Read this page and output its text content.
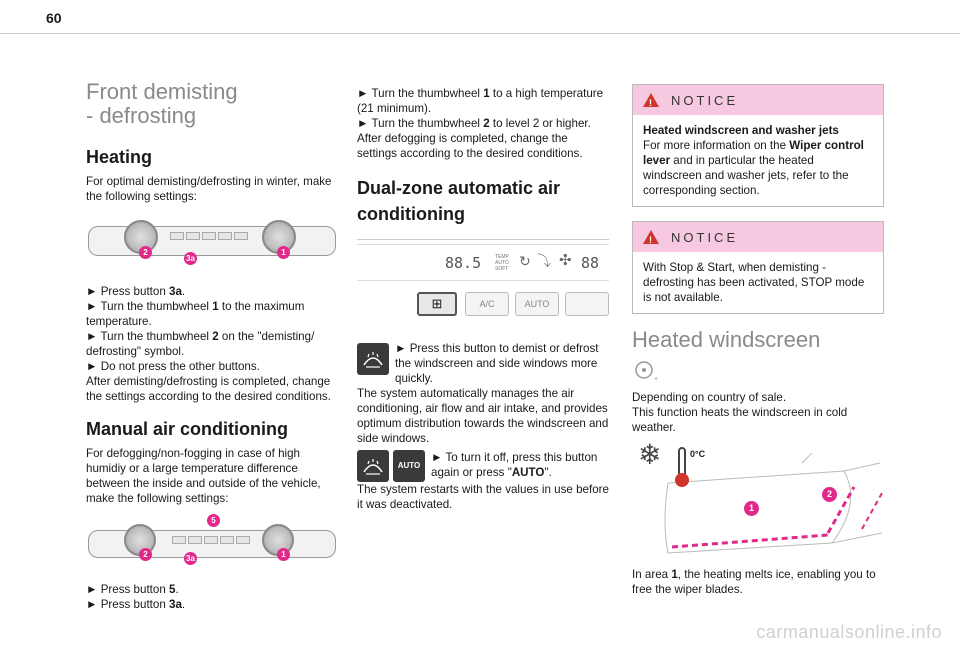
60
Front demisting
- defrosting
Heating

For optimal demisting/defrosting in winter, make the following settings:

2
3a
1

► Press button 3a.

► Turn the thumbwheel 1 to the maximum temperature.

► Turn the thumbwheel 2 on the "demisting/ defrosting" symbol.

► Do not press the other buttons.

After demisting/defrosting is completed, change the settings according to the desired conditions.

Manual air conditioning

For defogging/non-fogging in case of high humidiy or a large temperature difference between the inside and outside of the vehicle, make the following settings:

5
2	3a	1

► Press button 5.

► Press button 3a.

► Turn the thumbwheel 1 to a high temperature (21 minimum).

► Turn the thumbwheel 2 to level 2 or higher.

After defogging is completed, change the settings according to the desired conditions.

Dual-zone automatic air conditioning
88.5	TEMP AUTO SOFT ↻ ⤵ ✣ 88
⊞	A/C	AUTO

► Press this button to demist or defrost the windscreen and side windows more quickly.

The system automatically manages the air conditioning, air flow and air intake, and provides optimum distribution towards the windscreen and side windows.

AUTO

► To turn it off, press this button again or press "AUTO".

The system restarts with the values in use before it was deactivated.

!
NOTICE

Heated windscreen and washer jets

For more information on the Wiper control lever and in particular the heated windscreen and washer jets, refer to the corresponding section.

!
NOTICE
With Stop & Start, when demisting - defrosting has been activated, STOP mode is not available.
Heated windscreen
+

Depending on country of sale.

This function heats the windscreen in cold weather.

❄	0°C
1
2

In area 1, the heating melts ice, enabling you to free the wiper blades.

carmanualsonline.info
